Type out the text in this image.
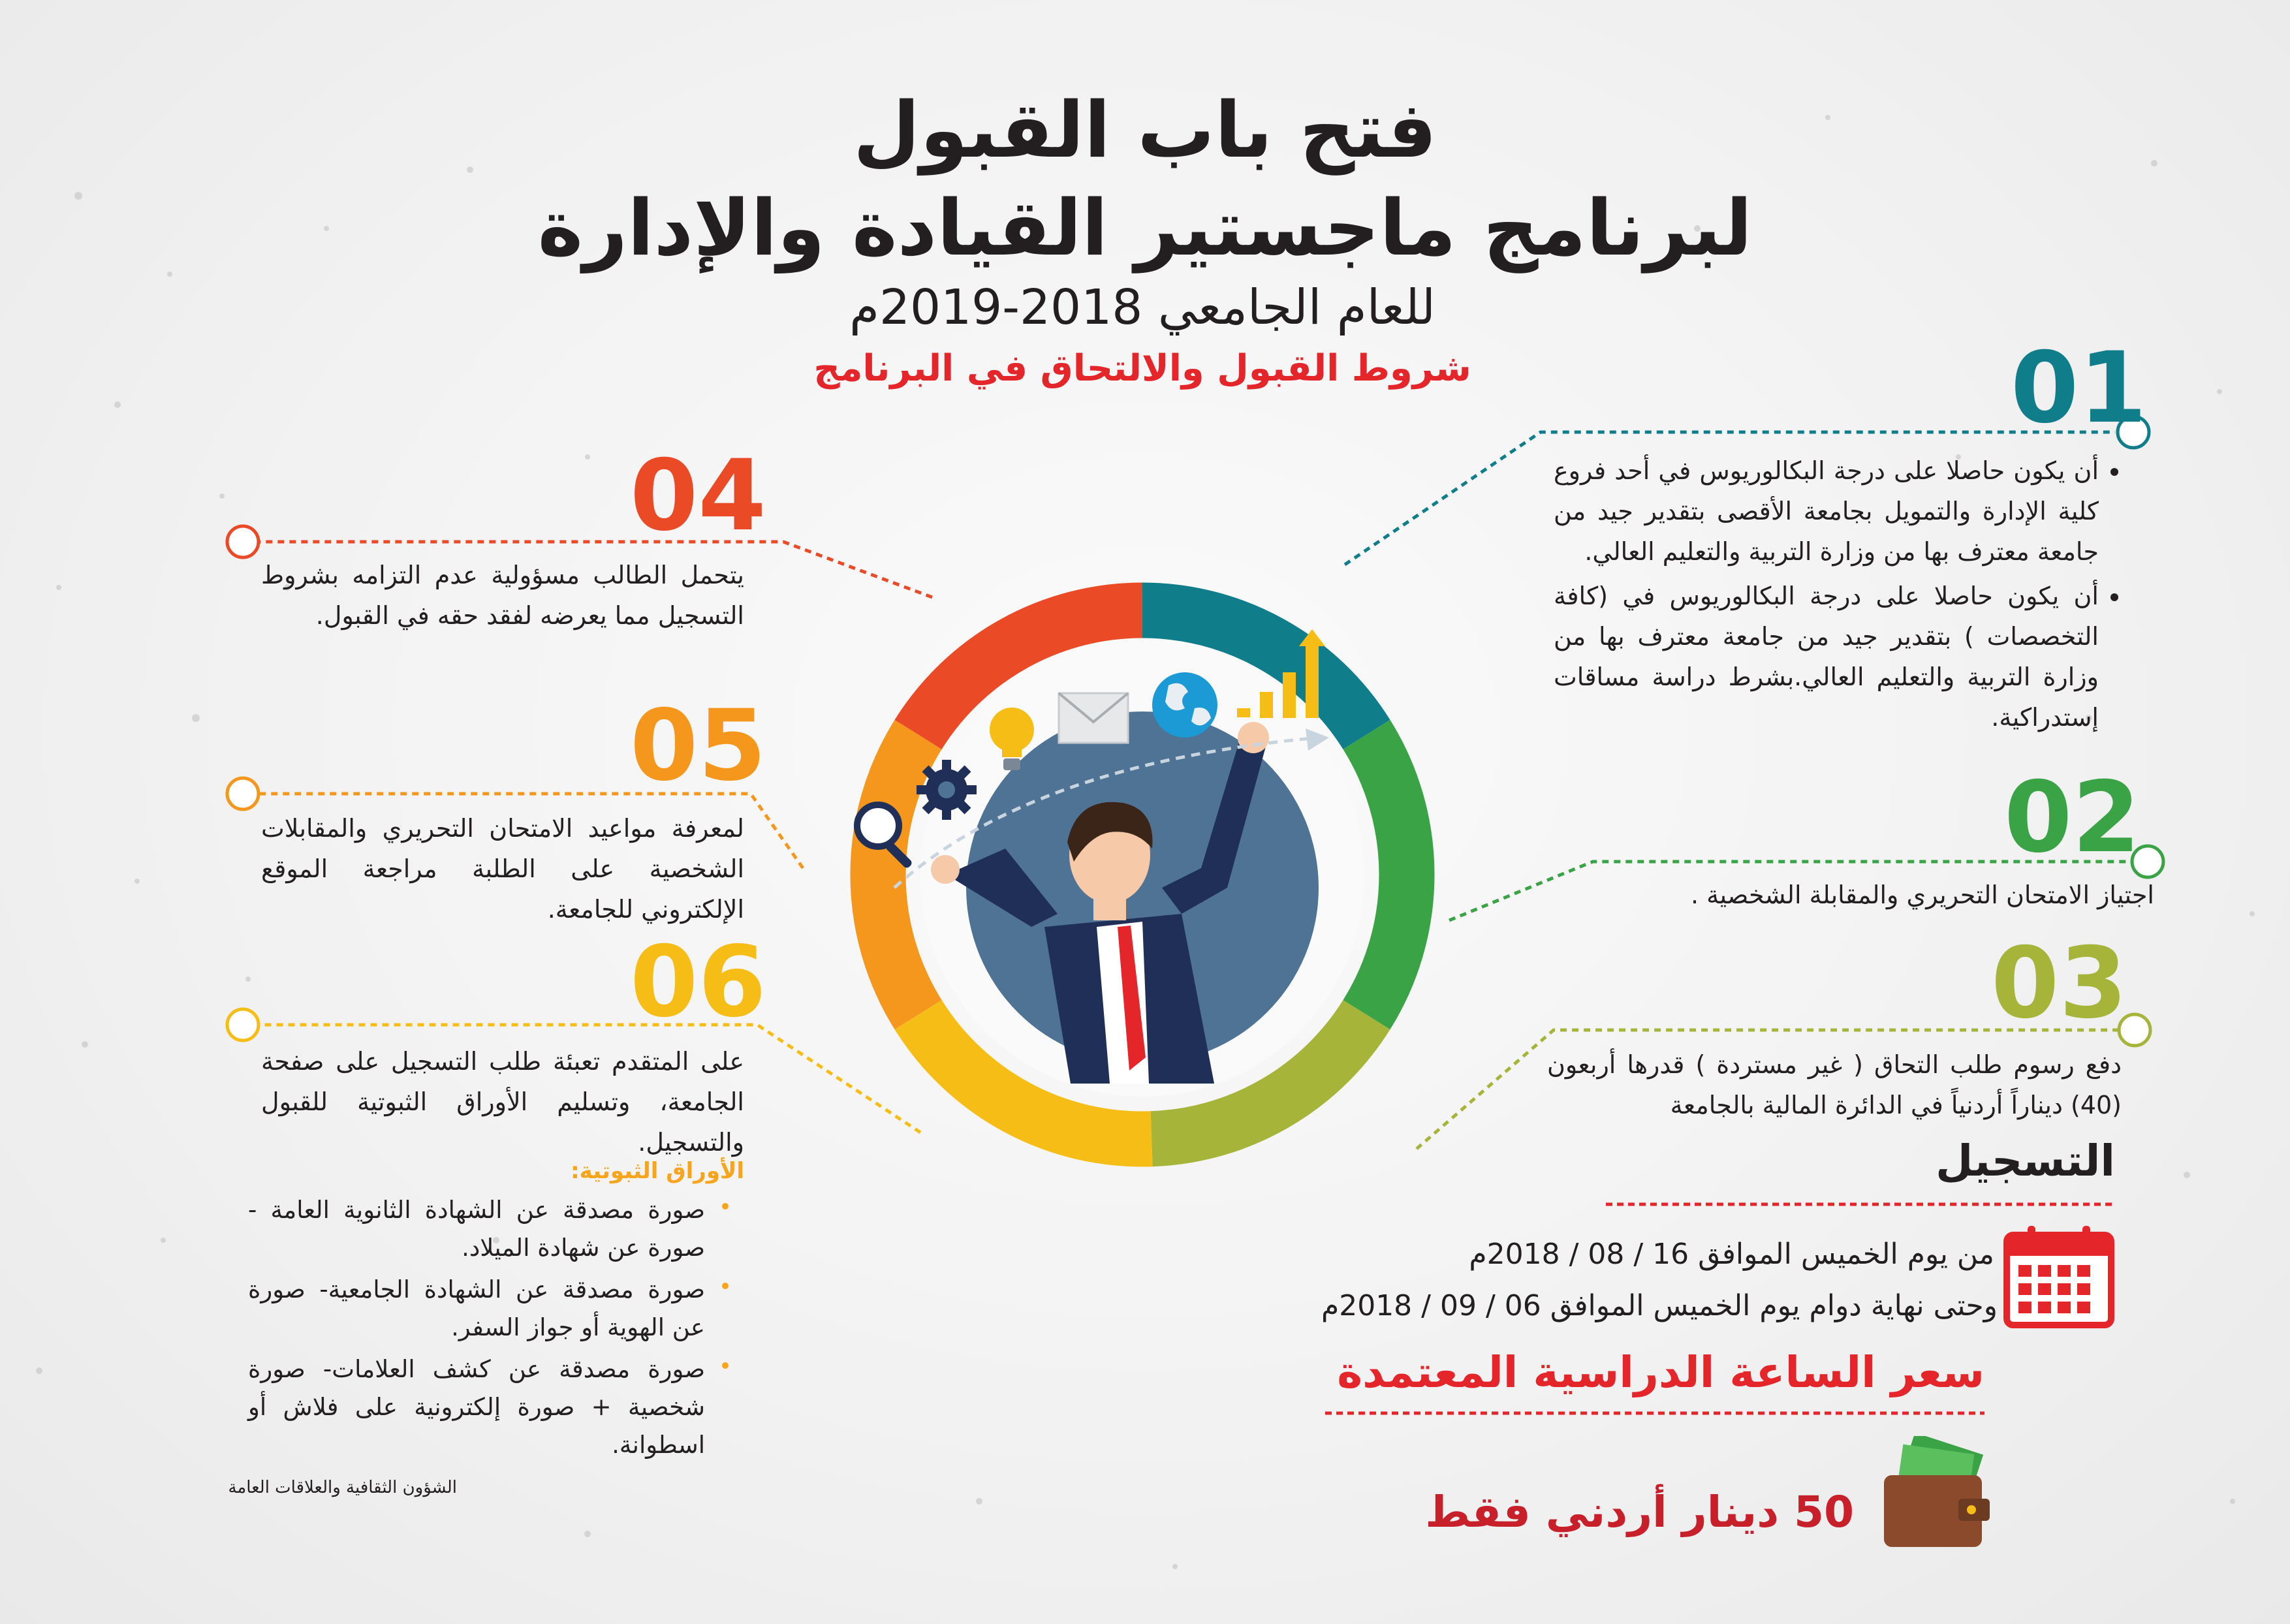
فتح باب القبول
لبرنامج ماجستير القيادة والإدارة
للعام الجامعي 2018-2019م
شروط القبول والالتحاق في البرنامج	01
• أن يكون حاصلا على درجة البكالوريوس في أحد فروع كلية الإدارة والتمويل بجامعة الأقصى بتقدير جيد من جامعة معترف بها من وزارة التربية والتعليم العالي.
• أن يكون حاصلا على درجة البكالوريوس في (كافة التخصصات ) بتقدير جيد من جامعة معترف بها من وزارة التربية والتعليم العالي.بشرط دراسة مساقات إستدراكية.
02
اجتياز الامتحان التحريري والمقابلة الشخصية .
03
دفع رسوم طلب التحاق ( غير مستردة ) قدرها أربعون (40) ديناراً أردنياً في الدائرة المالية بالجامعة
04
يتحمل الطالب مسؤولية عدم التزامه بشروط التسجيل مما يعرضه لفقد حقه في القبول.
05
لمعرفة مواعيد الامتحان التحريري والمقابلات الشخصية على الطلبة مراجعة الموقع الإلكتروني للجامعة.
06
على المتقدم تعبئة طلب التسجيل على صفحة الجامعة، وتسليم الأوراق الثبوتية للقبول والتسجيل.
الأوراق الثبوتية:
صورة مصدقة عن الشهادة الثانوية العامة - صورة عن شهادة الميلاد.
صورة مصدقة عن الشهادة الجامعية- صورة عن الهوية أو جواز السفر.
صورة مصدقة عن كشف العلامات- صورة شخصية + صورة إلكترونية على فلاش أو اسطوانة.
التسجيل
من يوم الخميس الموافق 16 / 08 / 2018م
وحتى نهاية دوام يوم الخميس الموافق 06 / 09 / 2018م
سعر الساعة الدراسية المعتمدة
50 دينار أردني فقط
الشؤون الثقافية والعلاقات العامة
